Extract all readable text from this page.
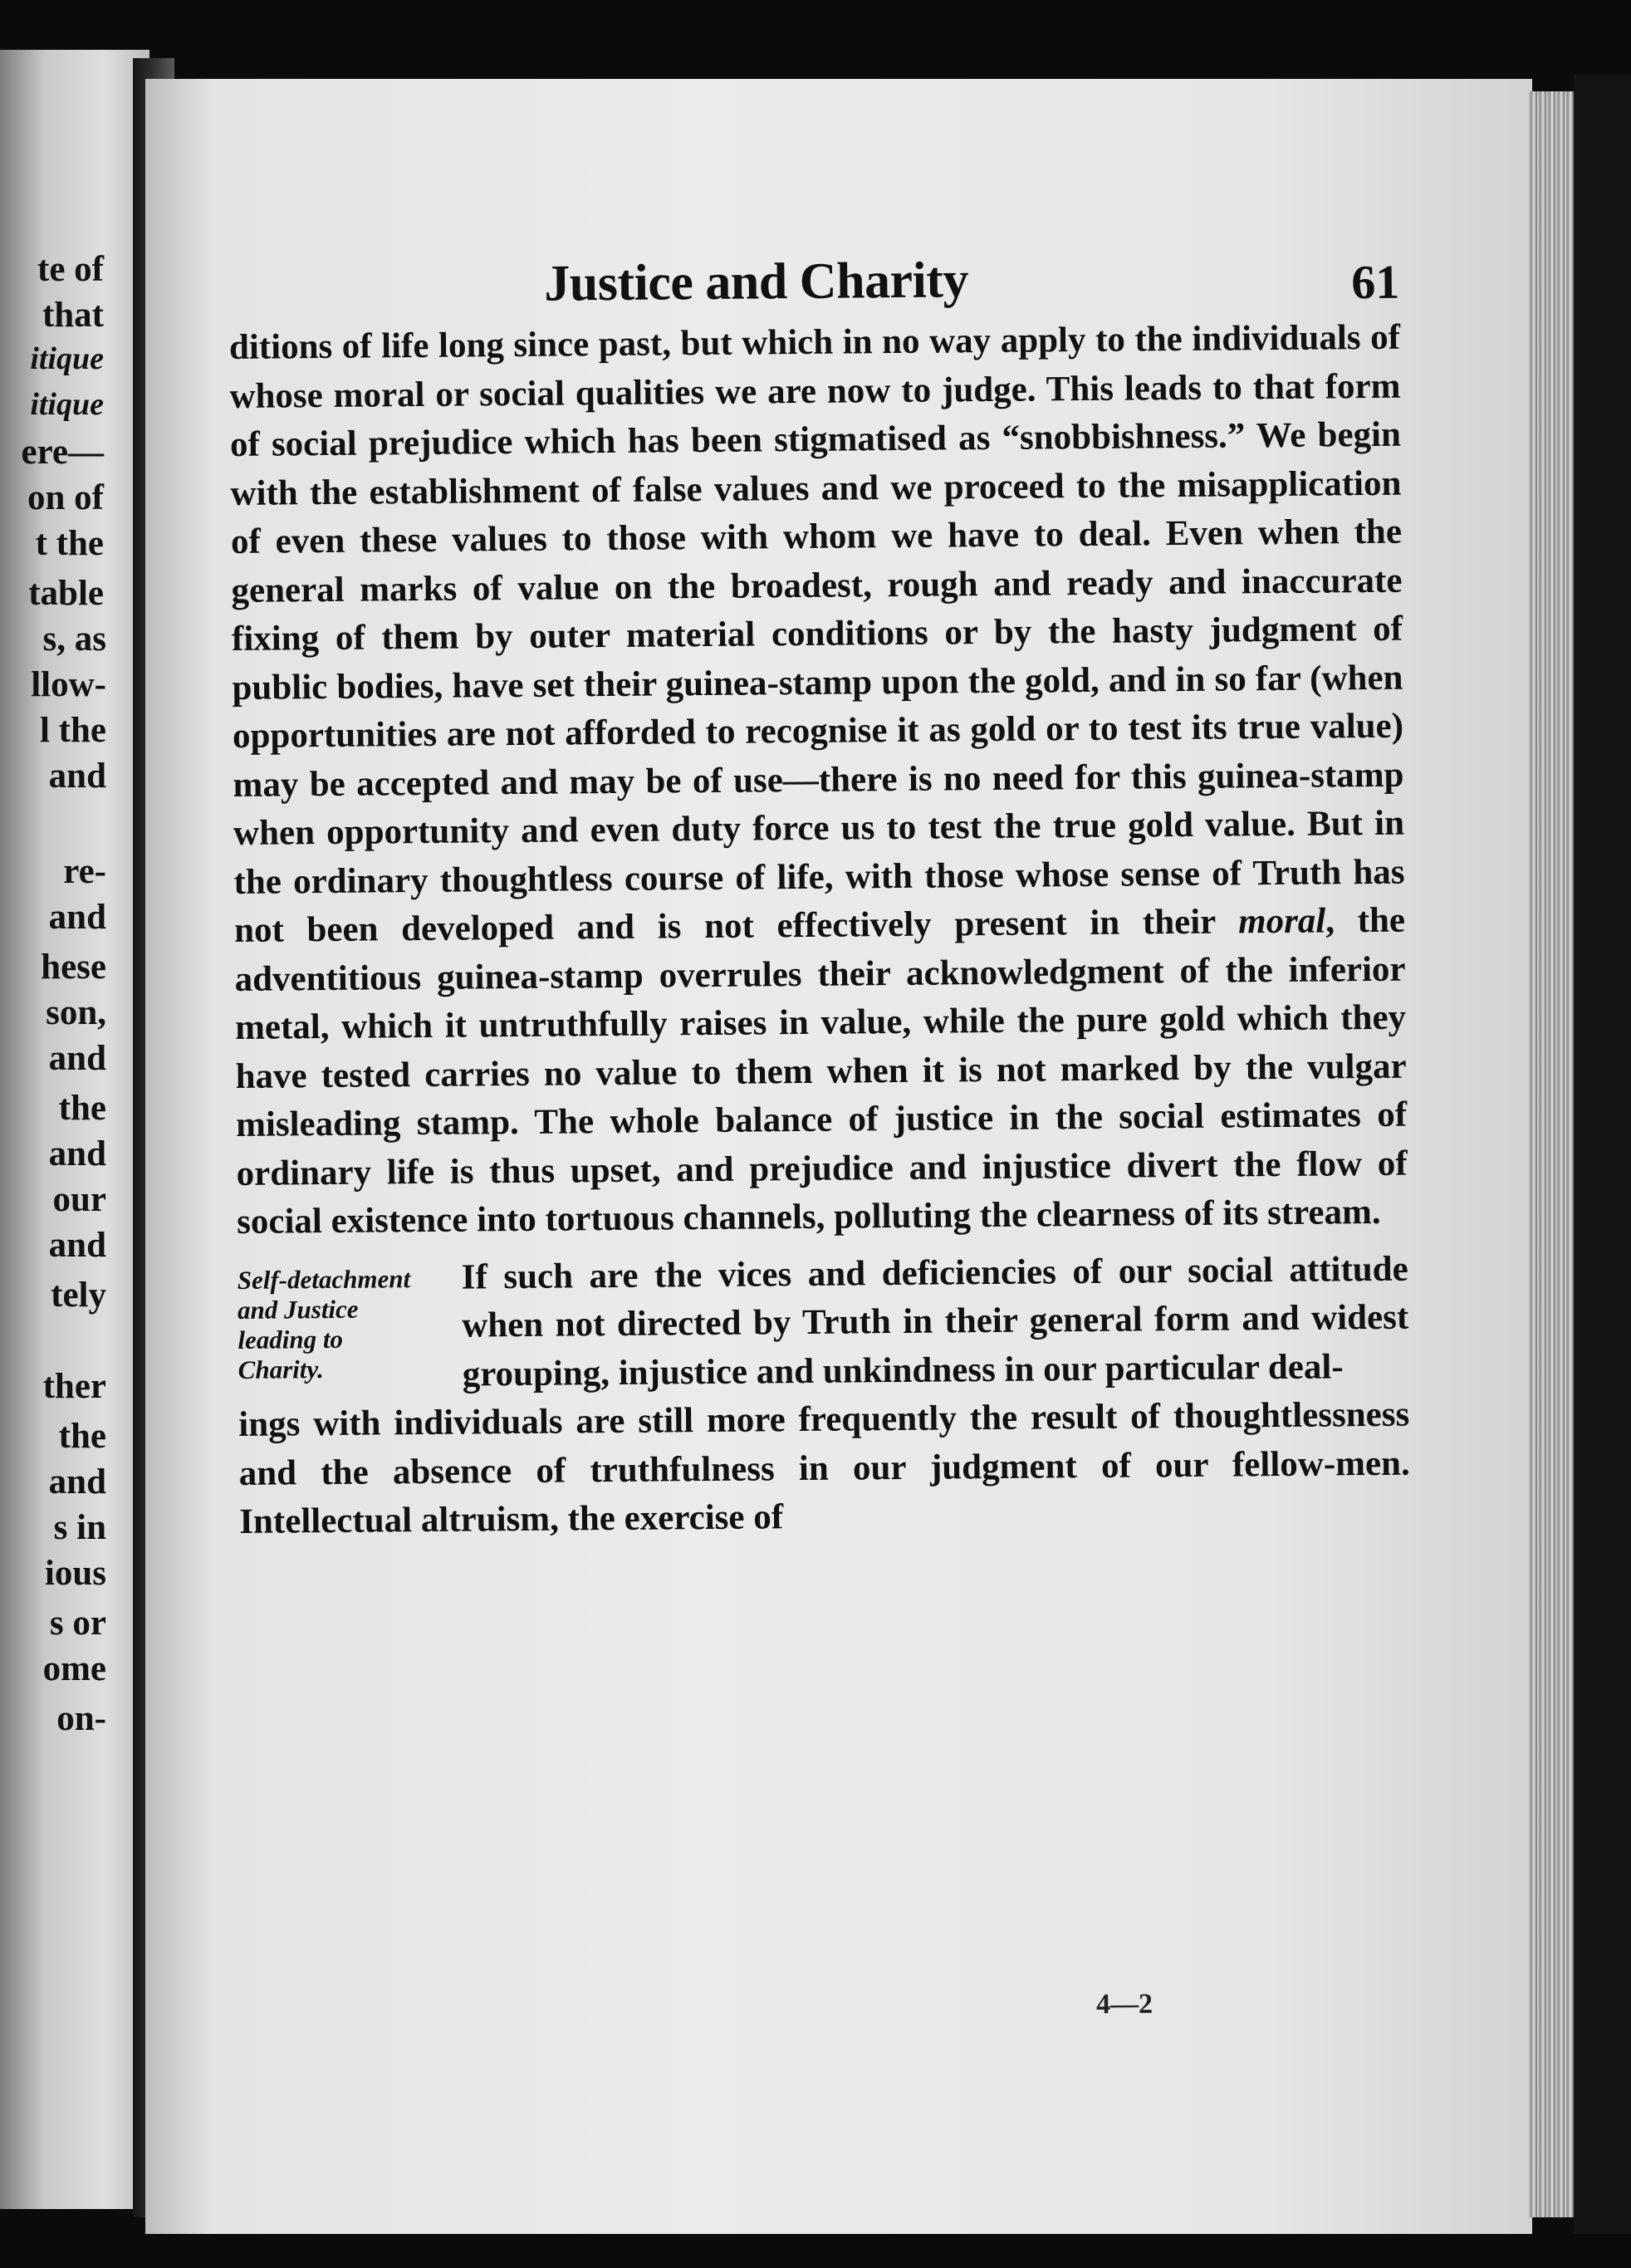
te of
that
itique
itique
ere—
on of
t the
table
s, as
llow-
l the
and
re-
and
hese
son,
and
the
and
our
and
tely
ther
the
and
s in
ious
s or
ome
on-
Justice and Charity	61

ditions of life long since past, but which in no way apply to the individuals of whose moral or social qualities we are now to judge. This leads to that form of social prejudice which has been stigmatised as “snobbishness.” We begin with the establishment of false values and we proceed to the misapplication of even these values to those with whom we have to deal. Even when the general marks of value on the broadest, rough and ready and inaccurate fixing of them by outer material conditions or by the hasty judgment of public bodies, have set their guinea-stamp upon the gold, and in so far (when opportunities are not afforded to recognise it as gold or to test its true value) may be accepted and may be of use—there is no need for this guinea-stamp when opportunity and even duty force us to test the true gold value. But in the ordinary thoughtless course of life, with those whose sense of Truth has not been developed and is not effectively present in their moral, the adventitious guinea-stamp overrules their acknowledgment of the inferior metal, which it untruthfully raises in value, while the pure gold which they have tested carries no value to them when it is not marked by the vulgar misleading stamp. The whole balance of justice in the social estimates of ordinary life is thus upset, and prejudice and injustice divert the flow of social existence into tortuous channels, polluting the clearness of its stream.

Self-detachment and Justice leading to Charity.

If such are the vices and deficiencies of our social attitude when not directed by Truth in their general form and widest grouping, injustice and unkindness in our particular deal-

ings with individuals are still more frequently the result of thoughtlessness and the absence of truthfulness in our judgment of our fellow-men. Intellectual altruism, the exercise of

4—2
